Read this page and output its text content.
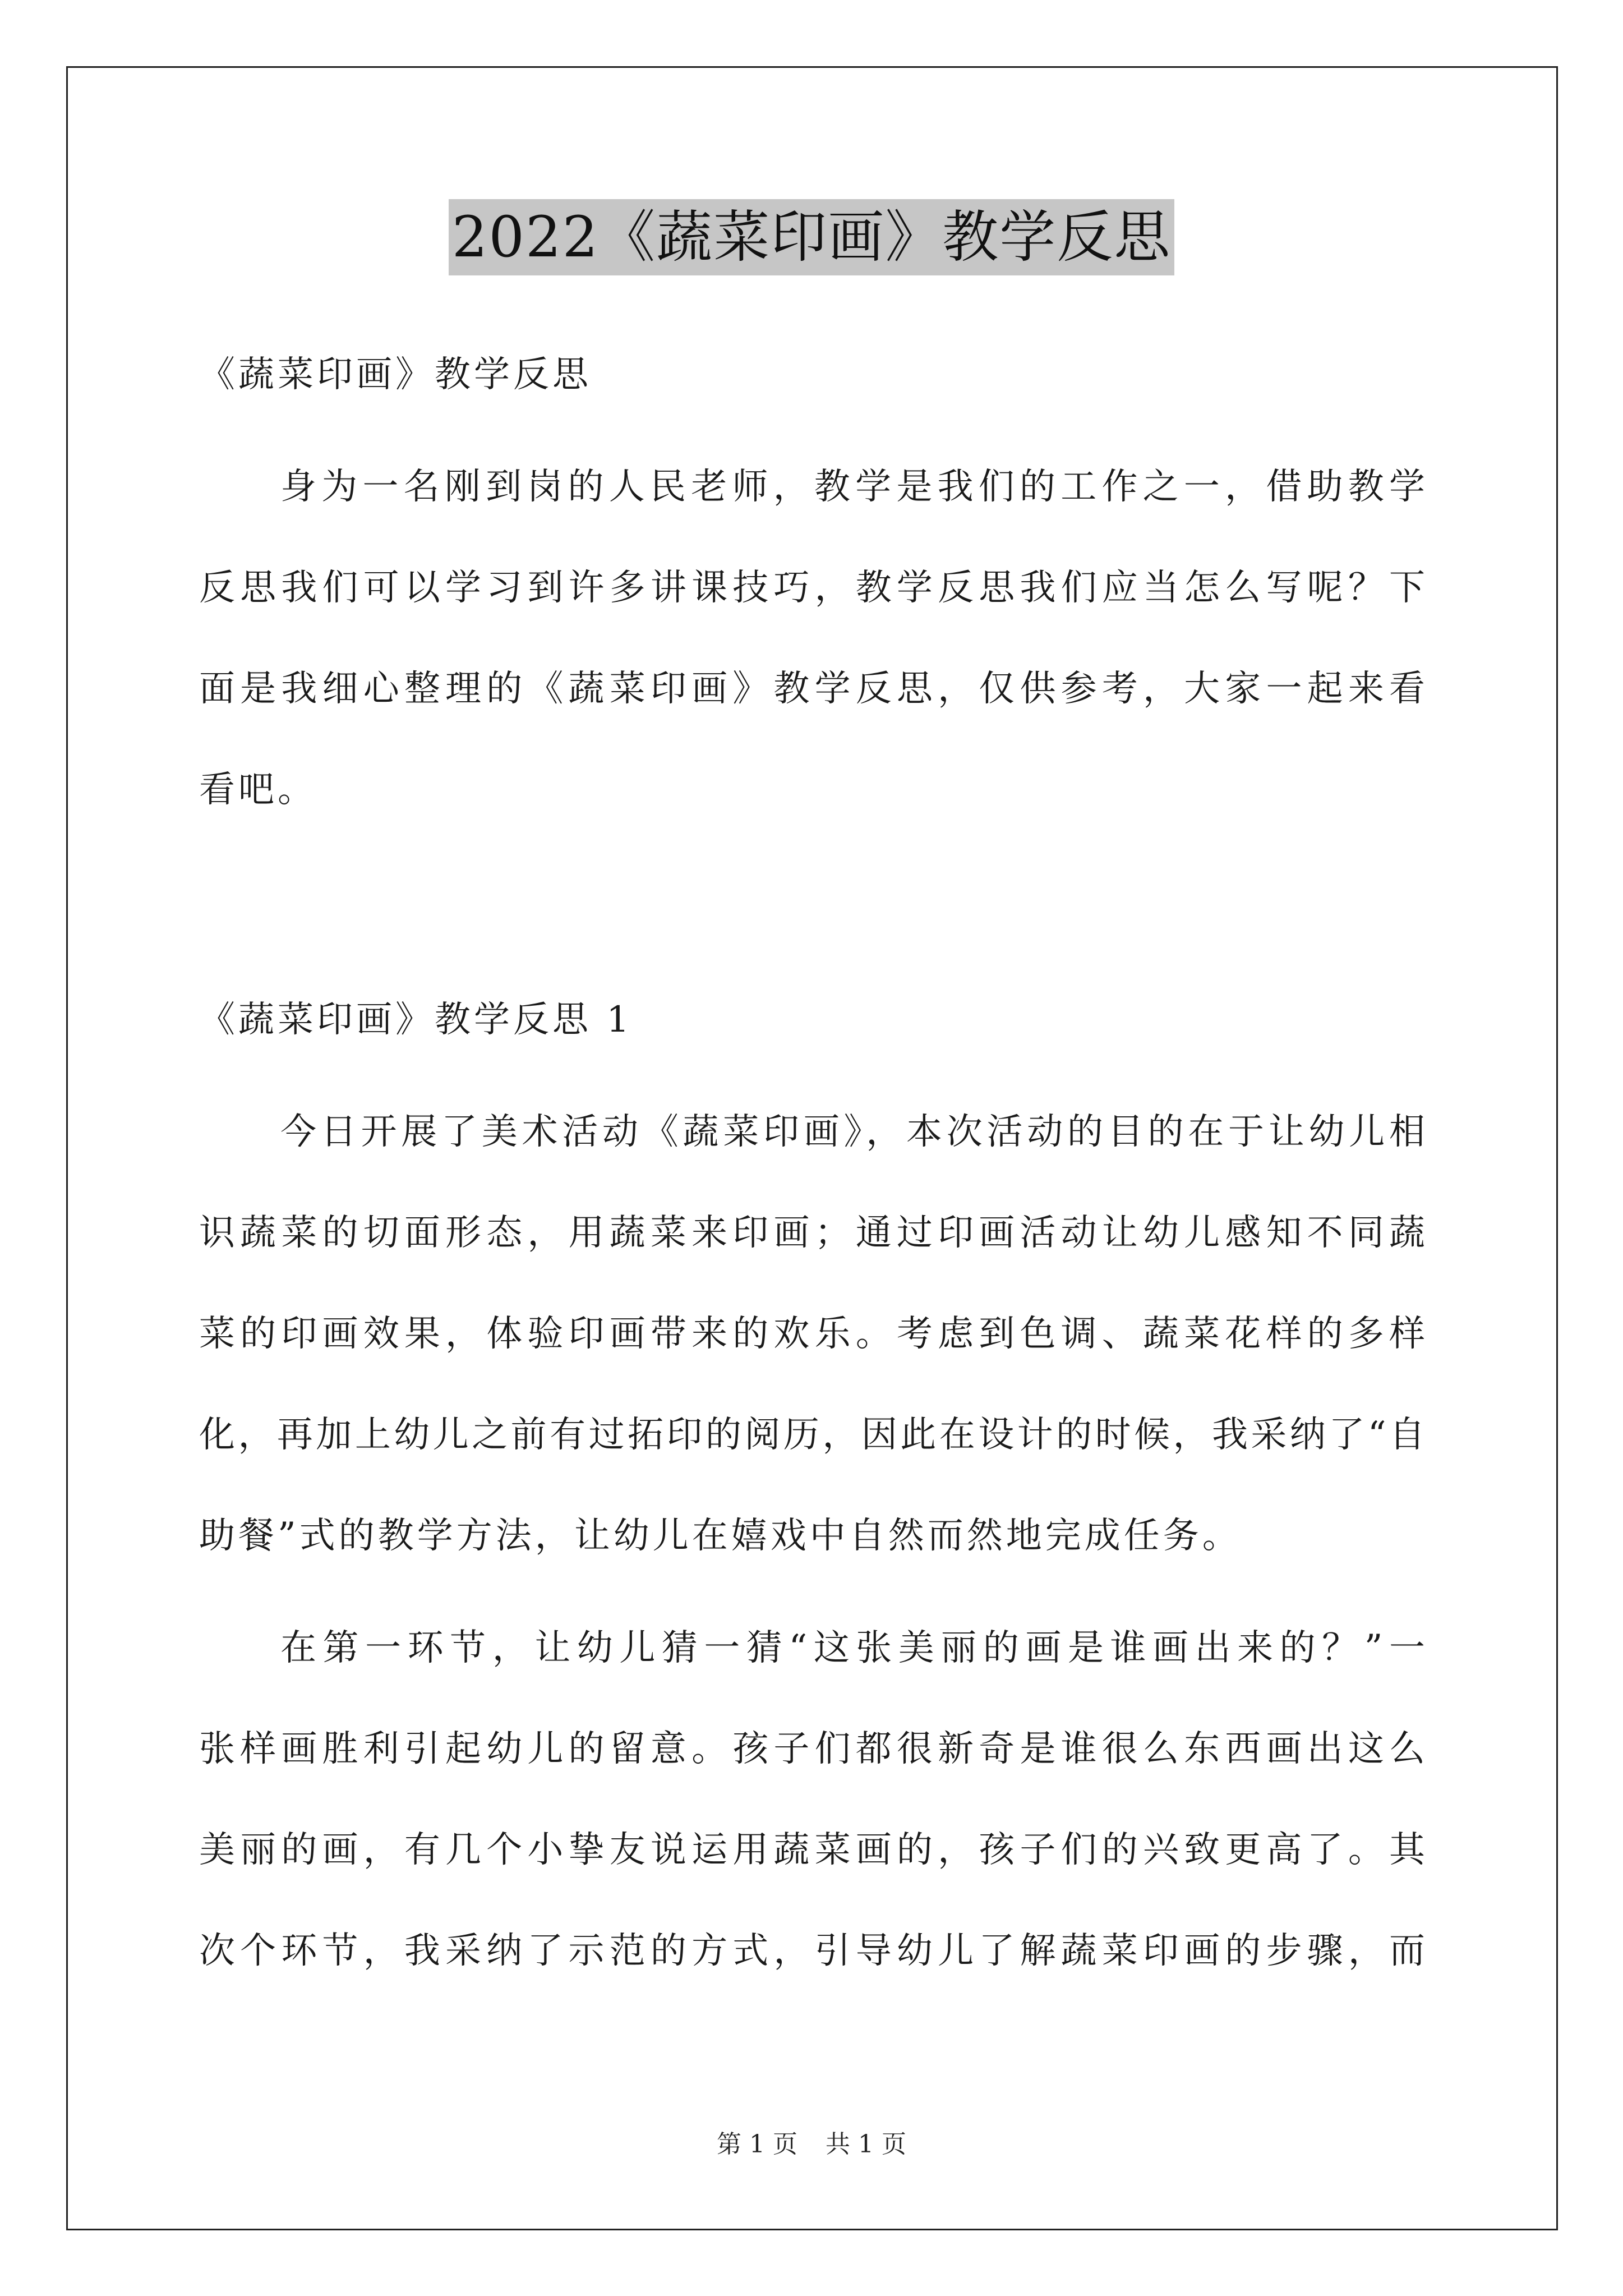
2022《蔬菜印画》教学反思
《蔬菜印画》教学反思
身为一名刚到岗的人民老师，教学是我们的工作之一，借助教学
反思我们可以学习到许多讲课技巧，教学反思我们应当怎么写呢？下
面是我细心整理的《蔬菜印画》教学反思，仅供参考，大家一起来看
看吧。
《蔬菜印画》教学反思 1
今日开展了美术活动《蔬菜印画》，本次活动的目的在于让幼儿相
识蔬菜的切面形态，用蔬菜来印画；通过印画活动让幼儿感知不同蔬
菜的印画效果，体验印画带来的欢乐。考虑到色调、蔬菜花样的多样
化，再加上幼儿之前有过拓印的阅历，因此在设计的时候，我采纳了“自
助餐”式的教学方法，让幼儿在嬉戏中自然而然地完成任务。
在第一环节，让幼儿猜一猜“这张美丽的画是谁画出来的？”一
张样画胜利引起幼儿的留意。孩子们都很新奇是谁很么东西画出这么
美丽的画，有几个小挚友说运用蔬菜画的，孩子们的兴致更高了。其
次个环节，我采纳了示范的方式，引导幼儿了解蔬菜印画的步骤，而
第 1 页 共 1 页
